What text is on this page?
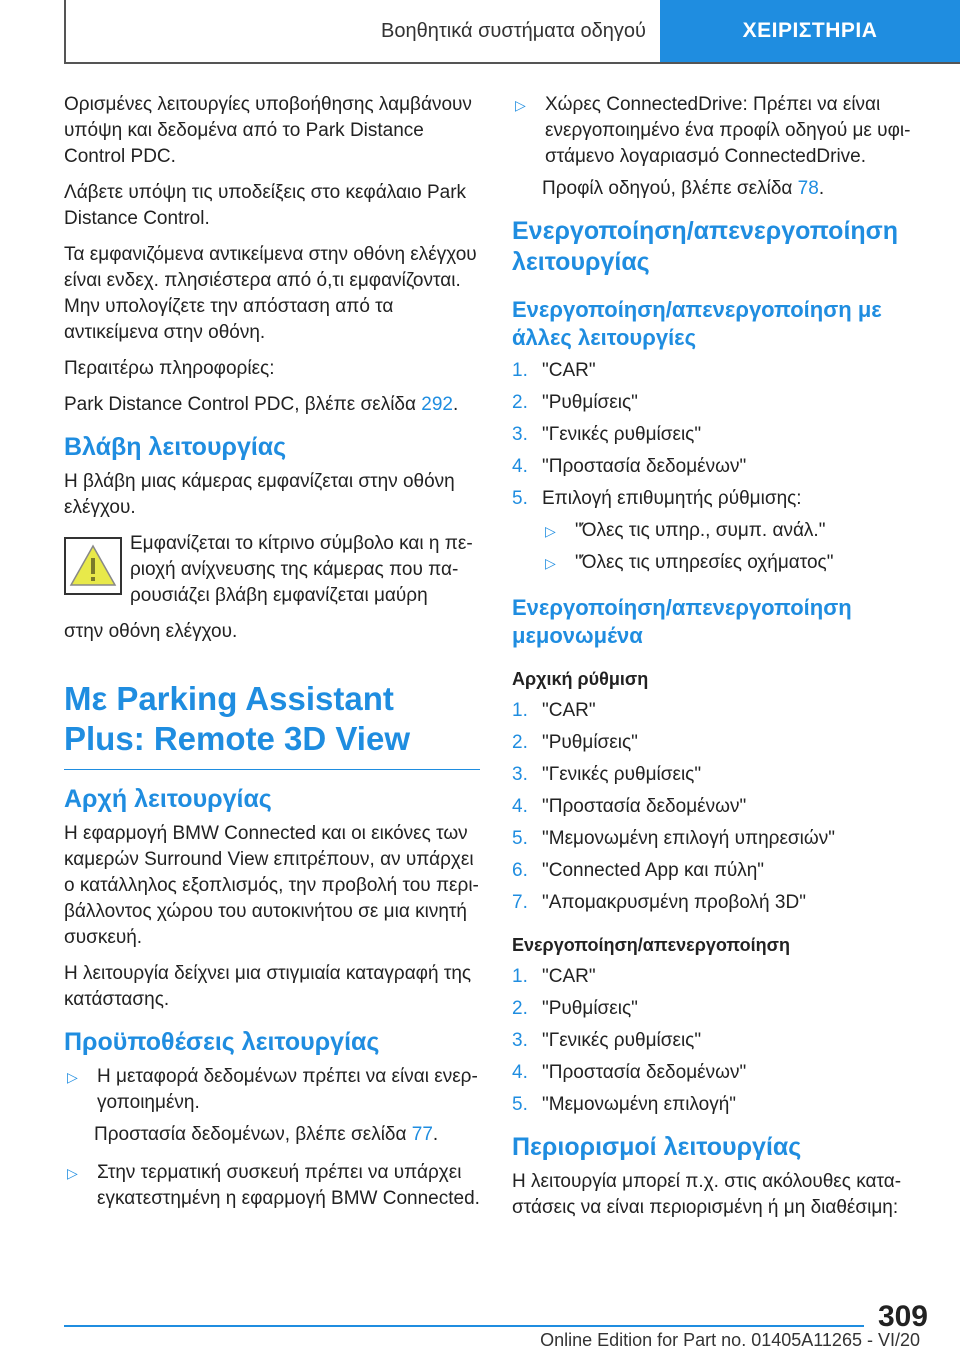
Βοηθητικά συστήματα οδηγού	ΧΕΙΡΙΣΤΗΡΙΑ

Ορισμένες λειτουργίες υποβοήθησης λαμβάνουν υπόψη και δεδομένα από το Park Distance Control PDC.

Λάβετε υπόψη τις υποδείξεις στο κεφάλαιο Park Distance Control.

Τα εμφανιζόμενα αντικείμενα στην οθόνη ελέγχου είναι ενδεχ. πλησιέστερα από ό,τι εμφανίζονται. Μην υπολογίζετε την απόσταση από τα αντικείμενα στην οθόνη.

Περαιτέρω πληροφορίες:

Park Distance Control PDC, βλέπε σελίδα 292.

Βλάβη λειτουργίας

Η βλάβη μιας κάμερας εμφανίζεται στην οθόνη ελέγχου.

Εμφανίζεται το κίτρινο σύμβολο και η περιοχή ανίχνευσης της κάμερας που παρουσιάζει βλάβη εμφανίζεται μαύρη

στην οθόνη ελέγχου.

Με Parking Assistant Plus: Remote 3D View
Αρχή λειτουργίας

Η εφαρμογή BMW Connected και οι εικόνες των καμερών Surround View επιτρέπουν, αν υπάρχει ο κατάλληλος εξοπλισμός, την προβολή του περιβάλλοντος χώρου του αυτοκινήτου σε μια κινητή συσκευή.

Η λειτουργία δείχνει μια στιγμιαία καταγραφή της κατάστασης.

Προϋποθέσεις λειτουργίας
▷	Η μεταφορά δεδομένων πρέπει να είναι ενεργοποιημένη.

Προστασία δεδομένων, βλέπε σελίδα 77.

▷	Στην τερματική συσκευή πρέπει να υπάρχει εγκατεστημένη η εφαρμογή BMW Connected.
▷	Χώρες ConnectedDrive: Πρέπει να είναι ενεργοποιημένο ένα προφίλ οδηγού με υφιστάμενο λογαριασμό ConnectedDrive.

Προφίλ οδηγού, βλέπε σελίδα 78.

Ενεργοποίηση/απενεργοποίηση λειτουργίας
Ενεργοποίηση/απενεργοποίηση με άλλες λειτουργίες
1. "CAR"
2. "Ρυθμίσεις"
3. "Γενικές ρυθμίσεις"
4. "Προστασία δεδομένων"
5. Επιλογή επιθυμητής ρύθμισης:
▷	"Όλες τις υπηρ., συμπ. ανάλ."
▷	"Όλες τις υπηρεσίες οχήματος"
Ενεργοποίηση/απενεργοποίηση μεμονωμένα
Αρχική ρύθμιση
1. "CAR"
2. "Ρυθμίσεις"
3. "Γενικές ρυθμίσεις"
4. "Προστασία δεδομένων"
5. "Μεμονωμένη επιλογή υπηρεσιών"
6. "Connected App και πύλη"
7. "Απομακρυσμένη προβολή 3D"
Ενεργοποίηση/απενεργοποίηση
1. "CAR"
2. "Ρυθμίσεις"
3. "Γενικές ρυθμίσεις"
4. "Προστασία δεδομένων"
5. "Μεμονωμένη επιλογή"
Περιορισμοί λειτουργίας

Η λειτουργία μπορεί π.χ. στις ακόλουθες καταστάσεις να είναι περιορισμένη ή μη διαθέσιμη:

309
Online Edition for Part no. 01405A11265 - VI/20
